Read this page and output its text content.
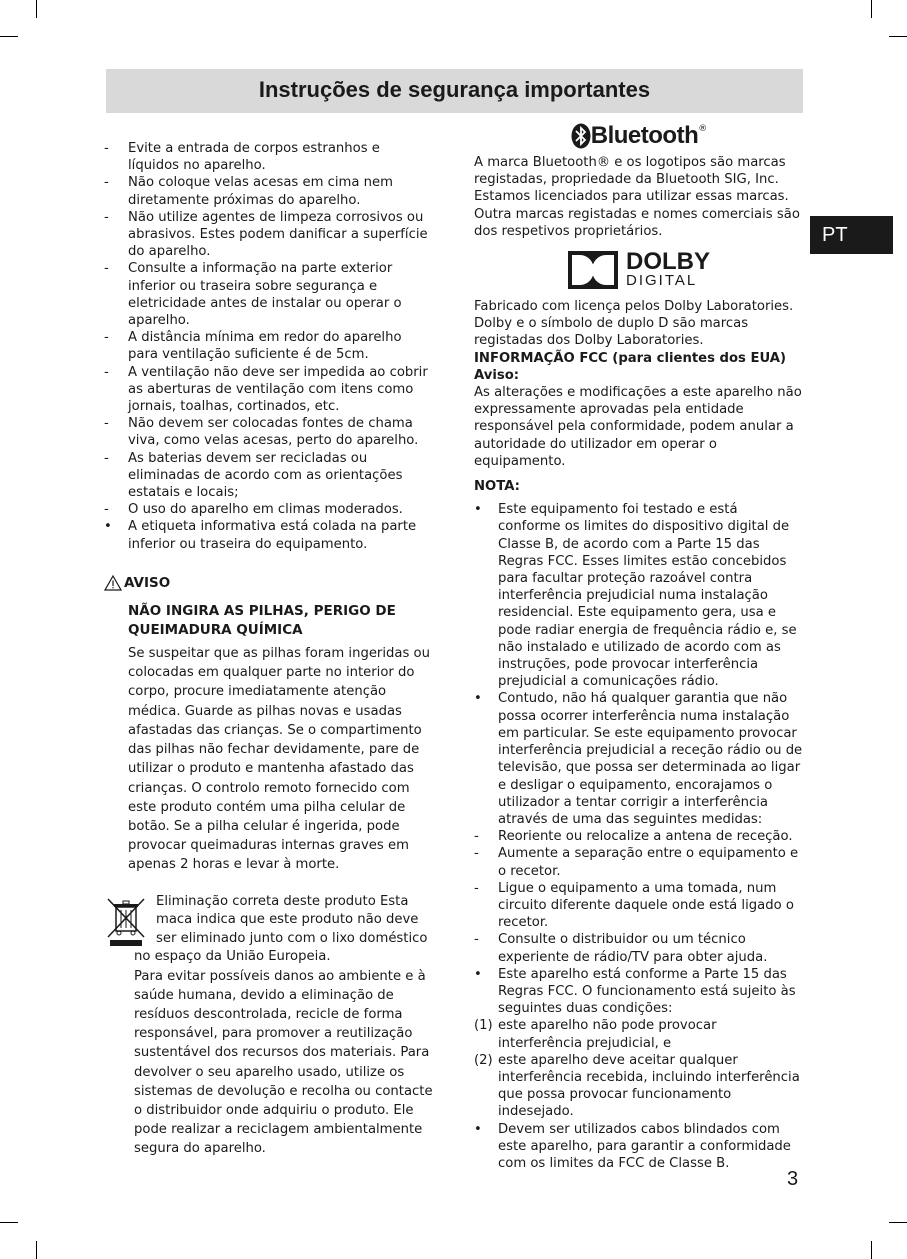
Instruções de segurança importantes
PT
-	Evite a entrada de corpos estranhos e líquidos no aparelho.
-	Não coloque velas acesas em cima nem diretamente próximas do aparelho.
-	Não utilize agentes de limpeza corrosivos ou abrasivos. Estes podem danificar a superfície do aparelho.
-	Consulte a informação na parte exterior inferior ou traseira sobre segurança e eletricidade antes de instalar ou operar o aparelho.
-	A distância mínima em redor do aparelho para ventilação suficiente é de 5cm.
-	A ventilação não deve ser impedida ao cobrir as aberturas de ventilação com itens como jornais, toalhas, cortinados, etc.
-	Não devem ser colocadas fontes de chama viva, como velas acesas, perto do aparelho.
-	As baterias devem ser recicladas ou eliminadas de acordo com as orientações estatais e locais;
-	O uso do aparelho em climas moderados.
•	A etiqueta informativa está colada na parte inferior ou traseira do equipamento.
AVISO
NÃO INGIRA AS PILHAS, PERIGO DE QUEIMADURA QUÍMICA

Se suspeitar que as pilhas foram ingeridas ou colocadas em qualquer parte no interior do corpo, procure imediatamente atenção médica. Guarde as pilhas novas e usadas afastadas das crianças. Se o compartimento das pilhas não fechar devidamente, pare de utilizar o produto e mantenha afastado das crianças. O controlo remoto fornecido com este produto contém uma pilha celular de botão. Se a pilha celular é ingerida, pode provocar queimaduras internas graves em apenas 2 horas e levar à morte.

Eliminação correta deste produto Esta maca indica que este produto não deve ser eliminado junto com o lixo doméstico

no espaço da União Europeia.

Para evitar possíveis danos ao ambiente e à saúde humana, devido a eliminação de resíduos descontrolada, recicle de forma responsável, para promover a reutilização sustentável dos recursos dos materiais. Para devolver o seu aparelho usado, utilize os sistemas de devolução e recolha ou contacte o distribuidor onde adquiriu o produto. Ele pode realizar a reciclagem ambientalmente segura do aparelho.

Bluetooth ®

A marca Bluetooth® e os logotipos são marcas registadas, propriedade da Bluetooth SIG, Inc. Estamos licenciados para utilizar essas marcas. Outra marcas registadas e nomes comerciais são dos respetivos proprietários.

DOLBY
DIGITAL

Fabricado com licença pelos Dolby Laboratories. Dolby e o símbolo de duplo D são marcas registadas dos Dolby Laboratories.

INFORMAÇÃO FCC (para clientes dos EUA)

Aviso:

As alterações e modificações a este aparelho não expressamente aprovadas pela entidade responsável pela conformidade, podem anular a autoridade do utilizador em operar o equipamento.

NOTA:

•	Este equipamento foi testado e está conforme os limites do dispositivo digital de Classe B, de acordo com a Parte 15 das Regras FCC. Esses limites estão concebidos para facultar proteção razoável contra interferência prejudicial numa instalação residencial. Este equipamento gera, usa e pode radiar energia de frequência rádio e, se não instalado e utilizado de acordo com as instruções, pode provocar interferência prejudicial a comunicações rádio.
•	Contudo, não há qualquer garantia que não possa ocorrer interferência numa instalação em particular. Se este equipamento provocar interferência prejudicial a receção rádio ou de televisão, que possa ser determinada ao ligar e desligar o equipamento, encorajamos o utilizador a tentar corrigir a interferência através de uma das seguintes medidas:
-	Reoriente ou relocalize a antena de receção.
-	Aumente a separação entre o equipamento e o recetor.
-	Ligue o equipamento a uma tomada, num circuito diferente daquele onde está ligado o recetor.
-	Consulte o distribuidor ou um técnico experiente de rádio/TV para obter ajuda.
•	Este aparelho está conforme a Parte 15 das Regras FCC. O funcionamento está sujeito às seguintes duas condições:
(1) este aparelho não pode provocar interferência prejudicial, e
(2) este aparelho deve aceitar qualquer interferência recebida, incluindo interferência que possa provocar funcionamento indesejado.
•	Devem ser utilizados cabos blindados com este aparelho, para garantir a conformidade com os limites da FCC de Classe B.
3
